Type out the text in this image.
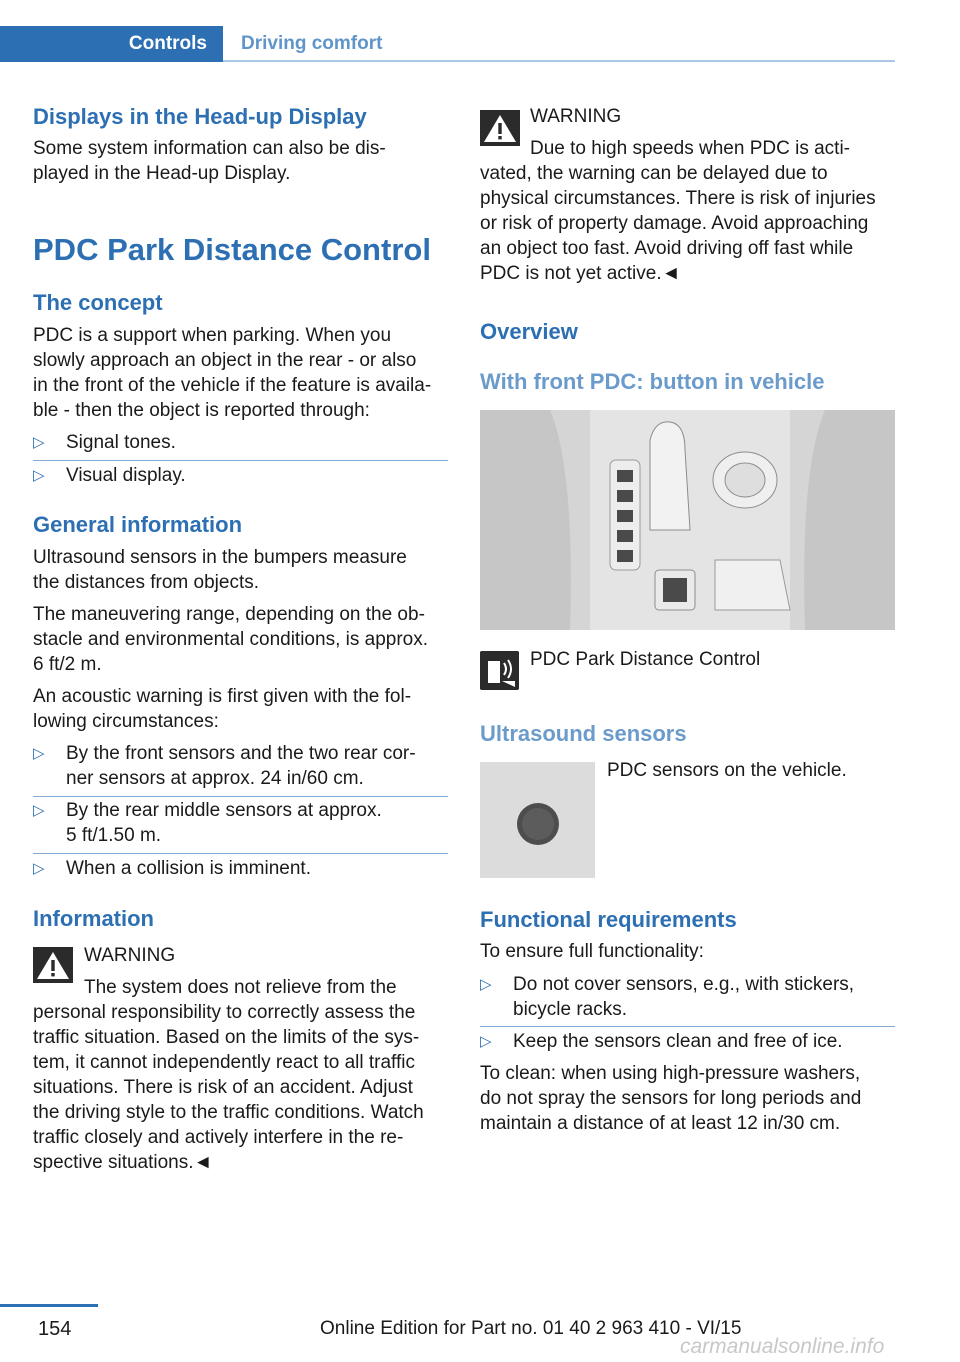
Controls	Driving comfort
Displays in the Head-up Display
Some system information can also be dis-
played in the Head-up Display.
PDC Park Distance Control
The concept
PDC is a support when parking. When you
slowly approach an object in the rear - or also
in the front of the vehicle if the feature is availa-
ble - then the object is reported through:
▷ Signal tones.
▷ Visual display.
General information
Ultrasound sensors in the bumpers measure
the distances from objects.
The maneuvering range, depending on the ob-
stacle and environmental conditions, is approx.
6 ft/2 m.
An acoustic warning is first given with the fol-
lowing circumstances:
▷ By the front sensors and the two rear cor-
ner sensors at approx. 24 in/60 cm.
▷ By the rear middle sensors at approx.
5 ft/1.50 m.
▷ When a collision is imminent.
Information
WARNING
The system does not relieve from the
personal responsibility to correctly assess the
traffic situation. Based on the limits of the sys-
tem, it cannot independently react to all traffic
situations. There is risk of an accident. Adjust
the driving style to the traffic conditions. Watch
traffic closely and actively interfere in the re-
spective situations.◄
WARNING
Due to high speeds when PDC is acti-
vated, the warning can be delayed due to
physical circumstances. There is risk of injuries
or risk of property damage. Avoid approaching
an object too fast. Avoid driving off fast while
PDC is not yet active.◄
Overview
With front PDC: button in vehicle
PDC Park Distance Control
Ultrasound sensors
PDC sensors on the vehicle.
Functional requirements
To ensure full functionality:
▷ Do not cover sensors, e.g., with stickers,
bicycle racks.
▷ Keep the sensors clean and free of ice.
To clean: when using high-pressure washers,
do not spray the sensors for long periods and
maintain a distance of at least 12 in/30 cm.
154	Online Edition for Part no. 01 40 2 963 410 - VI/15
carmanualsonline.info
